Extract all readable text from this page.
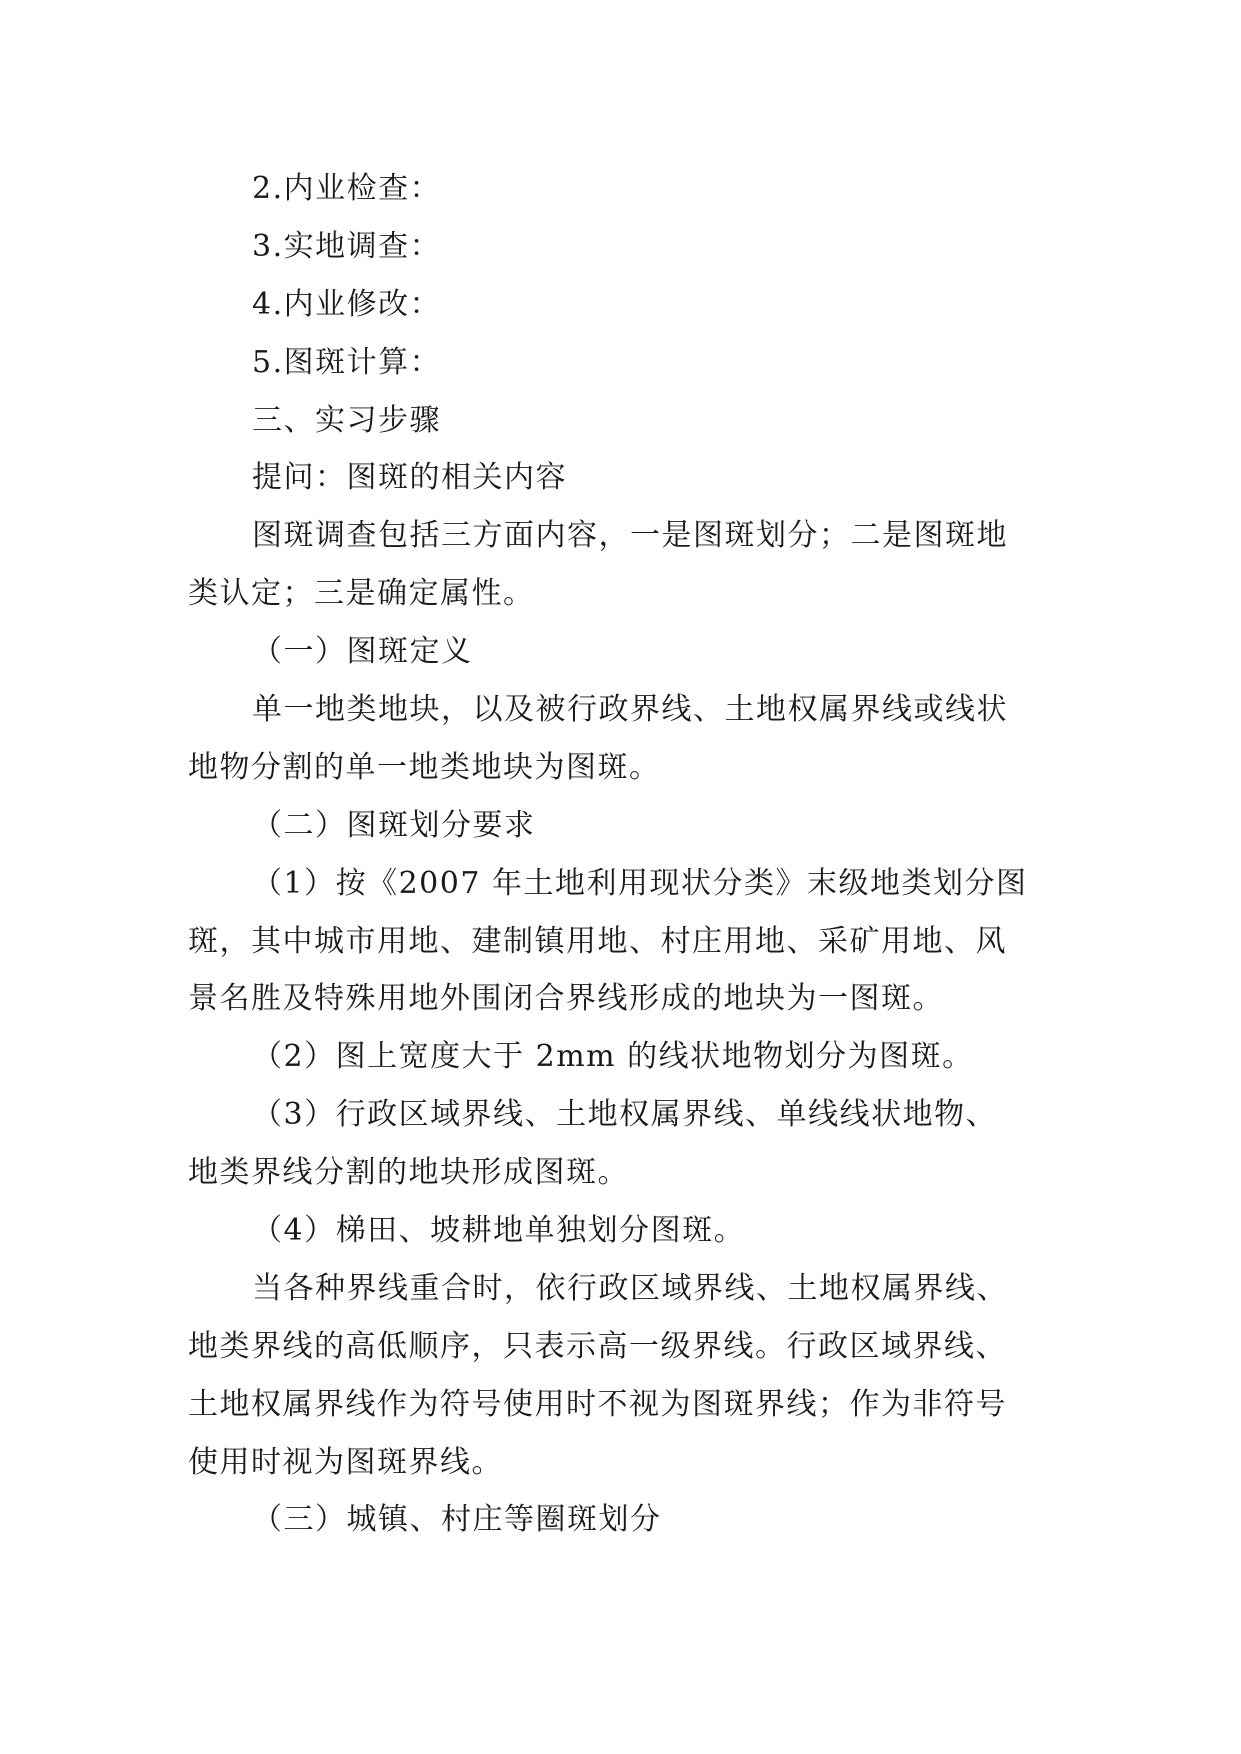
2.内业检查：
3.实地调查：
4.内业修改：
5.图斑计算：
三、实习步骤
提问：图斑的相关内容
图斑调查包括三方面内容，一是图斑划分；二是图斑地
类认定；三是确定属性。
（一）图斑定义
单一地类地块，以及被行政界线、土地权属界线或线状
地物分割的单一地类地块为图斑。
（二）图斑划分要求
（1）按《2007 年土地利用现状分类》末级地类划分图
斑，其中城市用地、建制镇用地、村庄用地、采矿用地、风
景名胜及特殊用地外围闭合界线形成的地块为一图斑。
（2）图上宽度大于 2mm 的线状地物划分为图斑。
（3）行政区域界线、土地权属界线、单线线状地物、
地类界线分割的地块形成图斑。
（4）梯田、坡耕地单独划分图斑。
当各种界线重合时，依行政区域界线、土地权属界线、
地类界线的高低顺序，只表示高一级界线。行政区域界线、
土地权属界线作为符号使用时不视为图斑界线；作为非符号
使用时视为图斑界线。
（三）城镇、村庄等圈斑划分
